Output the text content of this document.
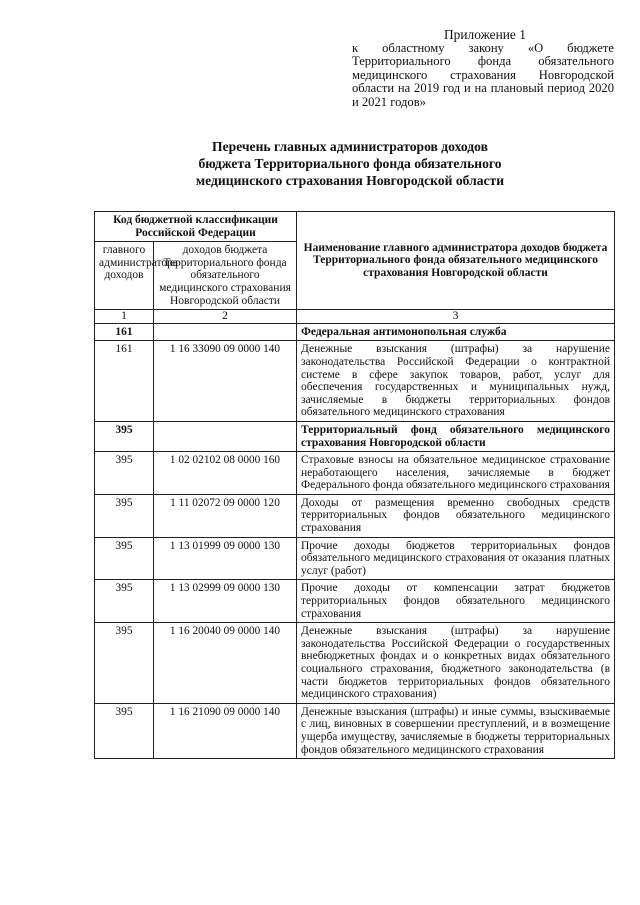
Приложение 1
к областному закону «О бюджете Территориального фонда обязательного медицинского страхования Новгородской области на 2019 год и на плановый период 2020 и 2021 годов»
Перечень главных администраторов доходов
бюджета Территориального фонда обязательного
медицинского страхования Новгородской области
Код бюджетной классификации Российской Федерации		Наименование главного администратора доходов бюджета Территориального фонда обязательного медицинского страхования Новгородской области
главного администратора доходов	доходов бюджета Территориального фонда обязательного медицинского страхования Новгородской области	
1	2	3
161		Федеральная антимонопольная служба
161	1 16 33090 09 0000 140	Денежные взыскания (штрафы) за нарушение законодательства Российской Федерации о контрактной системе в сфере закупок товаров, работ, услуг для обеспечения государственных и муниципальных нужд, зачисляемые в бюджеты территориальных фондов обязательного медицинского страхования
395		Территориальный фонд обязательного медицинского страхования Новгородской области
395	1 02 02102 08 0000 160	Страховые взносы на обязательное медицинское страхование неработающего населения, зачисляемые в бюджет Федерального фонда обязательного медицинского страхования
395	1 11 02072 09 0000 120	Доходы от размещения временно свободных средств территориальных фондов обязательного медицинского страхования
395	1 13 01999 09 0000 130	Прочие доходы бюджетов территориальных фондов обязательного медицинского страхования от оказания платных услуг (работ)
395	1 13 02999 09 0000 130	Прочие доходы от компенсации затрат бюджетов территориальных фондов обязательного медицинского страхования
395	1 16 20040 09 0000 140	Денежные взыскания (штрафы) за нарушение законодательства Российской Федерации о государственных внебюджетных фондах и о конкретных видах обязательного социального страхования, бюджетного законодательства (в части бюджетов территориальных фондов обязательного медицинского страхования)
395	1 16 21090 09 0000 140	Денежные взыскания (штрафы) и иные суммы, взыскиваемые с лиц, виновных в совершении преступлений, и в возмещение ущерба имуществу, зачисляемые в бюджеты территориальных фондов обязательного медицинского страхования
